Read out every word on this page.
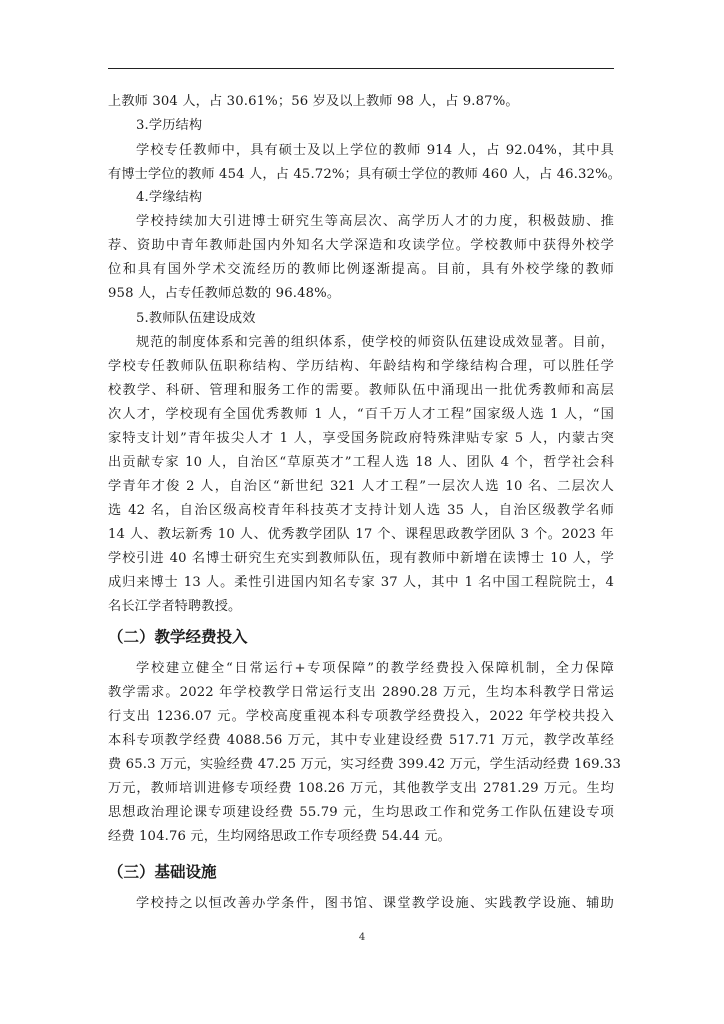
上教师 304 人，占 30.61%；56 岁及以上教师 98 人，占 9.87%。
3.学历结构
学校专任教师中，具有硕士及以上学位的教师 914 人，占 92.04%，其中具
有博士学位的教师 454 人，占 45.72%；具有硕士学位的教师 460 人，占 46.32%。
4.学缘结构
学校持续加大引进博士研究生等高层次、高学历人才的力度，积极鼓励、推
荐、资助中青年教师赴国内外知名大学深造和攻读学位。学校教师中获得外校学
位和具有国外学术交流经历的教师比例逐渐提高。目前，具有外校学缘的教师
958 人，占专任教师总数的 96.48%。
5.教师队伍建设成效
规范的制度体系和完善的组织体系，使学校的师资队伍建设成效显著。目前，
学校专任教师队伍职称结构、学历结构、年龄结构和学缘结构合理，可以胜任学
校教学、科研、管理和服务工作的需要。教师队伍中涌现出一批优秀教师和高层
次人才，学校现有全国优秀教师 1 人，“百千万人才工程”国家级人选 1 人，“国
家特支计划”青年拔尖人才 1 人，享受国务院政府特殊津贴专家 5 人，内蒙古突
出贡献专家 10 人，自治区“草原英才”工程人选 18 人、团队 4 个，哲学社会科
学青年才俊 2 人，自治区“新世纪 321 人才工程”一层次人选 10 名、二层次人
选 42 名，自治区级高校青年科技英才支持计划人选 35 人，自治区级教学名师
14 人、教坛新秀 10 人、优秀教学团队 17 个、课程思政教学团队 3 个。2023 年
学校引进 40 名博士研究生充实到教师队伍，现有教师中新增在读博士 10 人，学
成归来博士 13 人。柔性引进国内知名专家 37 人，其中 1 名中国工程院院士，4
名长江学者特聘教授。
（二）教学经费投入
学校建立健全“日常运行+专项保障”的教学经费投入保障机制，全力保障
教学需求。2022 年学校教学日常运行支出 2890.28 万元，生均本科教学日常运
行支出 1236.07 元。学校高度重视本科专项教学经费投入，2022 年学校共投入
本科专项教学经费 4088.56 万元，其中专业建设经费 517.71 万元，教学改革经
费 65.3 万元，实验经费 47.25 万元，实习经费 399.42 万元，学生活动经费 169.33
万元，教师培训进修专项经费 108.26 万元，其他教学支出 2781.29 万元。生均
思想政治理论课专项建设经费 55.79 元，生均思政工作和党务工作队伍建设专项
经费 104.76 元，生均网络思政工作专项经费 54.44 元。
（三）基础设施
学校持之以恒改善办学条件，图书馆、课堂教学设施、实践教学设施、辅助
4
